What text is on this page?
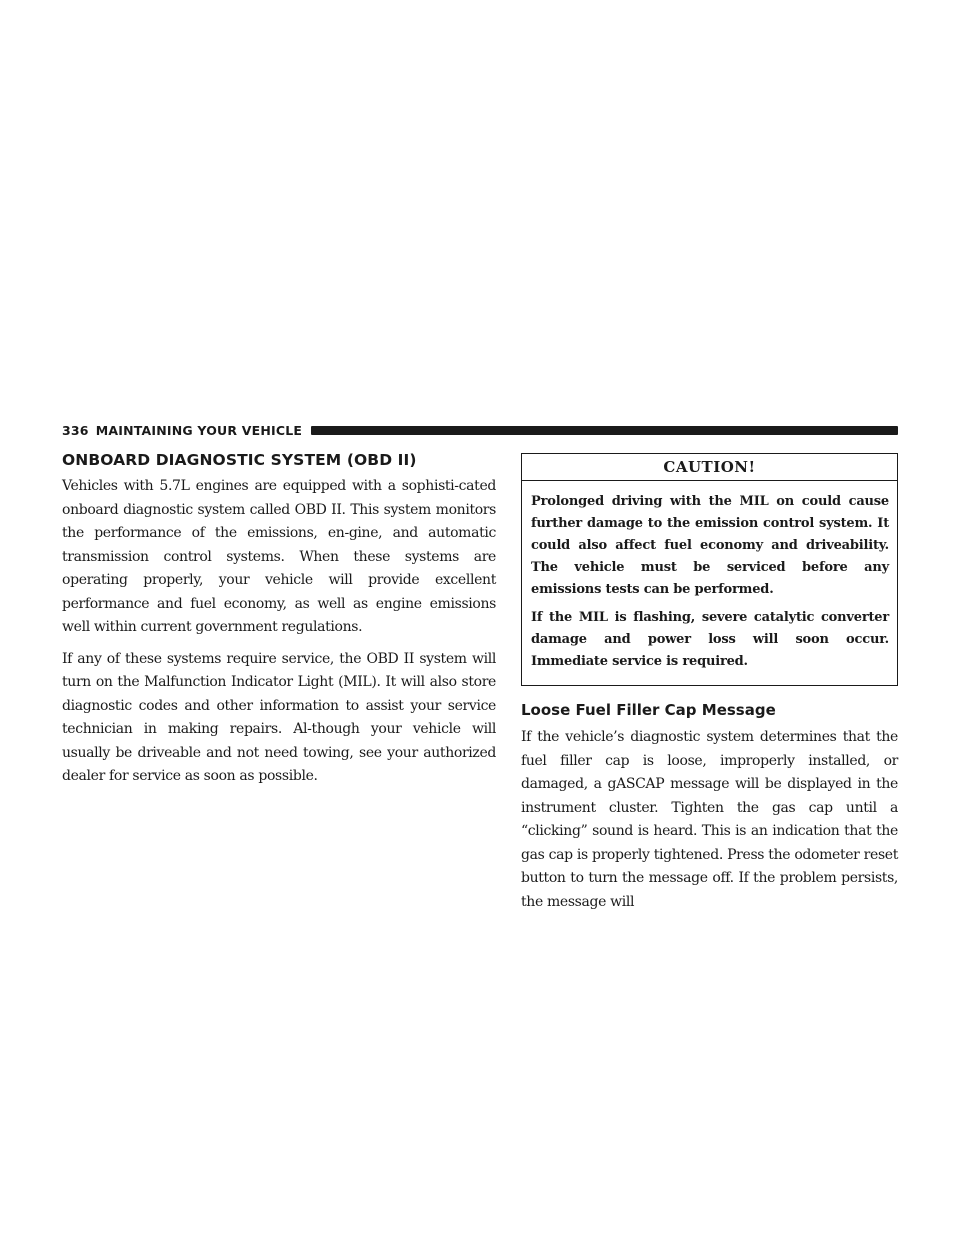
336 MAINTAINING YOUR VEHICLE
ONBOARD DIAGNOSTIC SYSTEM (OBD II)

Vehicles with 5.7L engines are equipped with a sophisti-cated onboard diagnostic system called OBD II. This system monitors the performance of the emissions, en-gine, and automatic transmission control systems. When these systems are operating properly, your vehicle will provide excellent performance and fuel economy, as well as engine emissions well within current government regulations.

If any of these systems require service, the OBD II system will turn on the Malfunction Indicator Light (MIL). It will also store diagnostic codes and other information to assist your service technician in making repairs. Al-though your vehicle will usually be driveable and not need towing, see your authorized dealer for service as soon as possible.

CAUTION!

Prolonged driving with the MIL on could cause further damage to the emission control system. It could also affect fuel economy and driveability. The vehicle must be serviced before any emissions tests can be performed.

If the MIL is flashing, severe catalytic converter damage and power loss will soon occur. Immediate service is required.

Loose Fuel Filler Cap Message

If the vehicle’s diagnostic system determines that the fuel filler cap is loose, improperly installed, or damaged, a gASCAP message will be displayed in the instrument cluster. Tighten the gas cap until a “clicking” sound is heard. This is an indication that the gas cap is properly tightened. Press the odometer reset button to turn the message off. If the problem persists, the message will
